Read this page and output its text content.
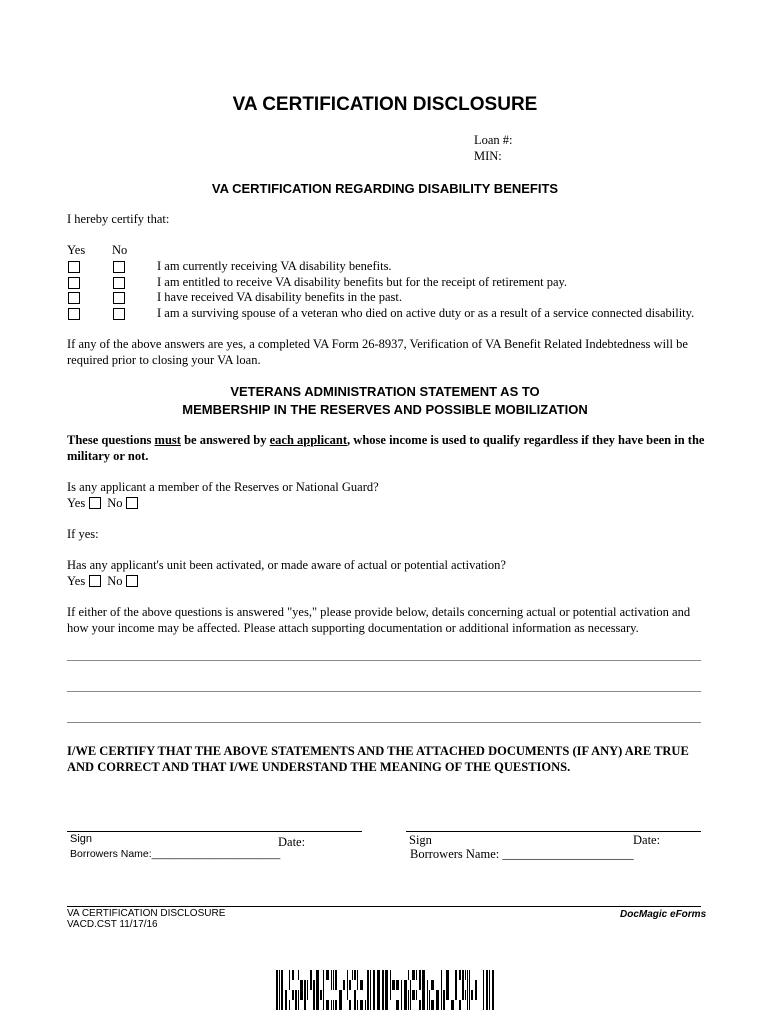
VA CERTIFICATION DISCLOSURE
Loan #:
MIN:
VA CERTIFICATION REGARDING DISABILITY BENEFITS
I hereby certify that:
Yes No
I am currently receiving VA disability benefits.
I am entitled to receive VA disability benefits but for the receipt of retirement pay.
I have received VA disability benefits in the past.
I am a surviving spouse of a veteran who died on active duty or as a result of a service connected disability.
If any of the above answers are yes, a completed VA Form 26-8937, Verification of VA Benefit Related Indebtedness will be
required prior to closing your VA loan.
VETERANS ADMINISTRATION STATEMENT AS TO
MEMBERSHIP IN THE RESERVES AND POSSIBLE MOBILIZATION
These questions must be answered by each applicant, whose income is used to qualify regardless if they have been in the
military or not.
Is any applicant a member of the Reserves or National Guard?
Yes No
If yes:
Has any applicant's unit been activated, or made aware of actual or potential activation?
Yes No
If either of the above questions is answered "yes," please provide below, details concerning actual or potential activation and
how your income may be affected. Please attach supporting documentation or additional information as necessary.
I/WE CERTIFY THAT THE ABOVE STATEMENTS AND THE ATTACHED DOCUMENTS (IF ANY) ARE TRUE
AND CORRECT AND THAT I/WE UNDERSTAND THE MEANING OF THE QUESTIONS.
Sign	Date:
Borrowers Name:______________________
Sign	Date:
Borrowers Name: _____________________
VA CERTIFICATION DISCLOSURE
VACD.CST 11/17/16
DocMagic eForms
